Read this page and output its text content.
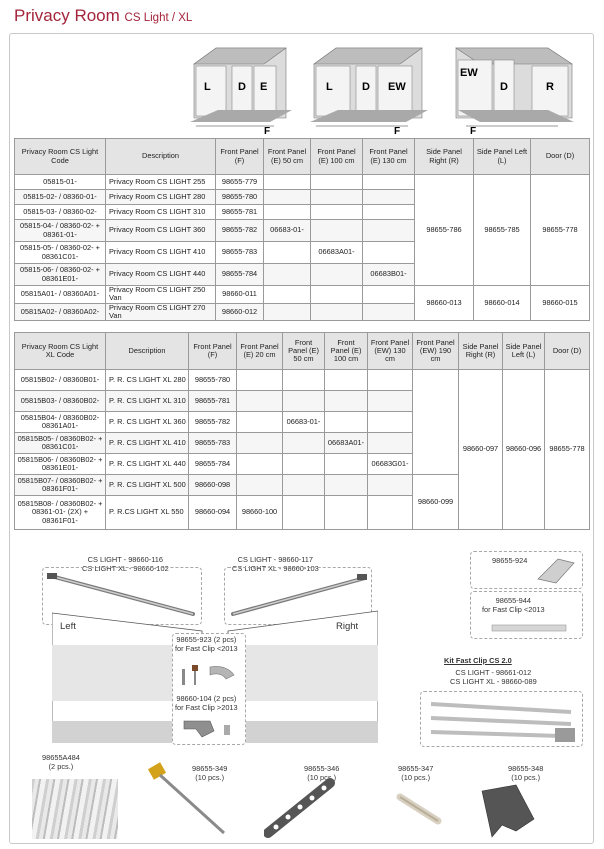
Privacy Room CS Light / XL
L D E
F
L	D EW
F
EW
D	R
F
Privacy Room CS Light Code	Description	Front Panel (F)	Front Panel (E) 50 cm	Front Panel (E) 100 cm	Front Panel (E) 130 cm	Side Panel Right (R)	Side Panel Left (L)	Door (D)
05815-01-	Privacy Room CS LIGHT 255	98655-779				98655-786	98655-785	98655-778
05815-02- / 08360-01-	Privacy Room CS LIGHT 280	98655-780						
05815-03- / 08360-02-	Privacy Room CS LIGHT 310	98655-781						
05815-04- / 08360-02- + 08361-01-	Privacy Room CS LIGHT 360	98655-782	06683-01-					
05815-05- / 08360-02- + 08361C01-	Privacy Room CS LIGHT 410	98655-783		06683A01-				
05815-06- / 08360-02- + 08361E01-	Privacy Room CS LIGHT 440	98655-784			06683B01-			
05815A01- / 08360A01-	Privacy Room CS LIGHT 250 Van	98660-011				98660-013	98660-014	98660-015
05815A02- / 08360A02-	Privacy Room CS LIGHT 270 Van	98660-012						
Privacy Room CS Light XL Code	Description	Front Panel (F)	Front Panel (E) 20 cm	Front Panel (E) 50 cm	Front Panel (E) 100 cm	Front Panel (EW) 130 cm	Front Panel (EW) 190 cm	Side Panel Right (R)	Side Panel Left (L)	Door (D)
05815B02- / 08360B01-	P. R. CS LIGHT XL 280	98655-780						98660-097	98660-096	98655-778
05815B03- / 08360B02-	P. R. CS LIGHT XL 310	98655-781								
05815B04- / 08360B02-08361A01-	P. R. CS LIGHT XL 360	98655-782		06683-01-						
05815B05- / 08360B02- + 08361C01-	P. R. CS LIGHT XL 410	98655-783			06683A01-					
05815B06- / 08360B02- + 08361E01-	P. R. CS LIGHT XL 440	98655-784				06683G01-				
05815B07- / 08360B02- + 08361F01-	P. R. CS LIGHT XL 500	98660-098					98660-099			
05815B08- / 08360B02- + 08361-01- (2X) + 08361F01-	P. R.CS LIGHT XL 550	98660-094	98660-100							
CS LIGHT - 98660-116
CS LIGHT XL - 98660-102
CS LIGHT - 98660-117
CS LIGHT XL - 98660-103
Left	Right
98655-923 (2 pcs)
for Fast Clip <2013
98660-104 (2 pcs)
for Fast Clip >2013
98655-924
98655-944
for Fast Clip <2013
Kit Fast Clip CS 2.0
CS LIGHT - 98661-012
CS LIGHT XL - 98660-089
98655A484
(2 pcs.)	98655-349
(10 pcs.)
98655-346
(10 pcs.)
98655-347
(10 pcs.)
98655-348
(10 pcs.)
